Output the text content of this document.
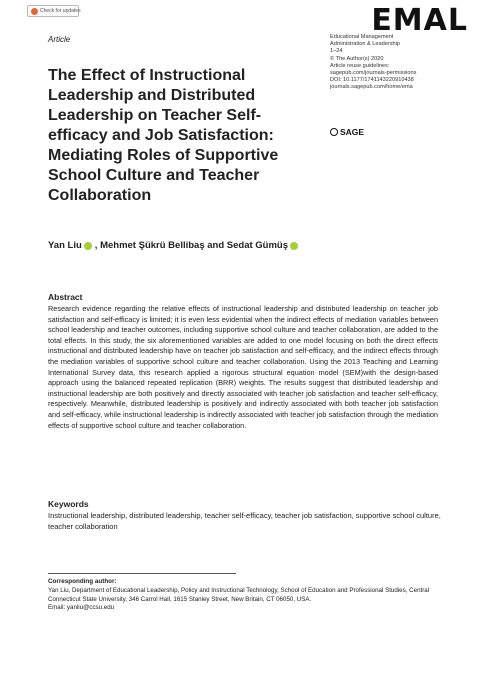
Check for updates	EMAL
Article
The Effect of Instructional Leadership and Distributed Leadership on Teacher Self-efficacy and Job Satisfaction: Mediating Roles of Supportive School Culture and Teacher Collaboration
Educational Management
Administration & Leadership
1–24
© The Author(s) 2020
Article reuse guidelines:
sagepub.com/journals-permissions
DOI: 10.1177/1741143220910438
journals.sagepub.com/home/ema
SAGE
Yan Liu , Mehmet Şükrü Bellibaş and Sedat Gümüş
Abstract

Research evidence regarding the relative effects of instructional leadership and distributed leadership on teacher job satisfaction and self-efficacy is limited; it is even less evidential when the indirect effects of mediation variables between school leadership and teacher outcomes, including supportive school culture and teacher collaboration, are added to the total effects. In this study, the six aforementioned variables are added to one model focusing on both the direct effects instructional and distributed leadership have on teacher job satisfaction and self-efficacy, and the indirect effects through the mediation variables of supportive school culture and teacher collaboration. Using the 2013 Teaching and Learning International Survey data, this research applied a rigorous structural equation model (SEM)with the design-based approach using the balanced repeated replication (BRR) weights. The results suggest that distributed leadership and instructional leadership are both positively and directly associated with teacher job satisfaction and teacher self-efficacy, respectively. Meanwhile, distributed leadership is positively and indirectly associated with both teacher job satisfaction and self-efficacy, while instructional leadership is indirectly associated with teacher job satisfaction through the mediation effects of supportive school culture and teacher collaboration.

Keywords

Instructional leadership, distributed leadership, teacher self-efficacy, teacher job satisfaction, supportive school culture, teacher collaboration

Corresponding author:

Yan Liu, Department of Educational Leadership, Policy and Instructional Technology, School of Education and Professional Studies, Central Connecticut State University, 346 Carrol Hall, 1615 Stanley Street, New Britain, CT 06050, USA.
Email: yanliu@ccsu.edu
